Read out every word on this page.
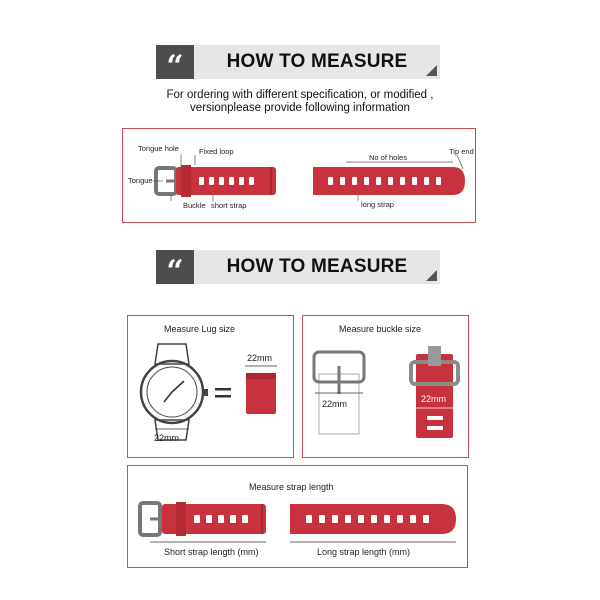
“	HOW TO MEASURE
For ordering with different specification, or modified ,
versionplease provide following information
Tongue hole	Fixed loop
No of holes
Tip end
Tongue
Buckle short strap	long strap
“	HOW TO MEASURE
Measure Lug size
22mm
22mm
Measure buckle size
22mm	22mm
Measure strap length
Short strap length (mm)	Long strap length (mm)
